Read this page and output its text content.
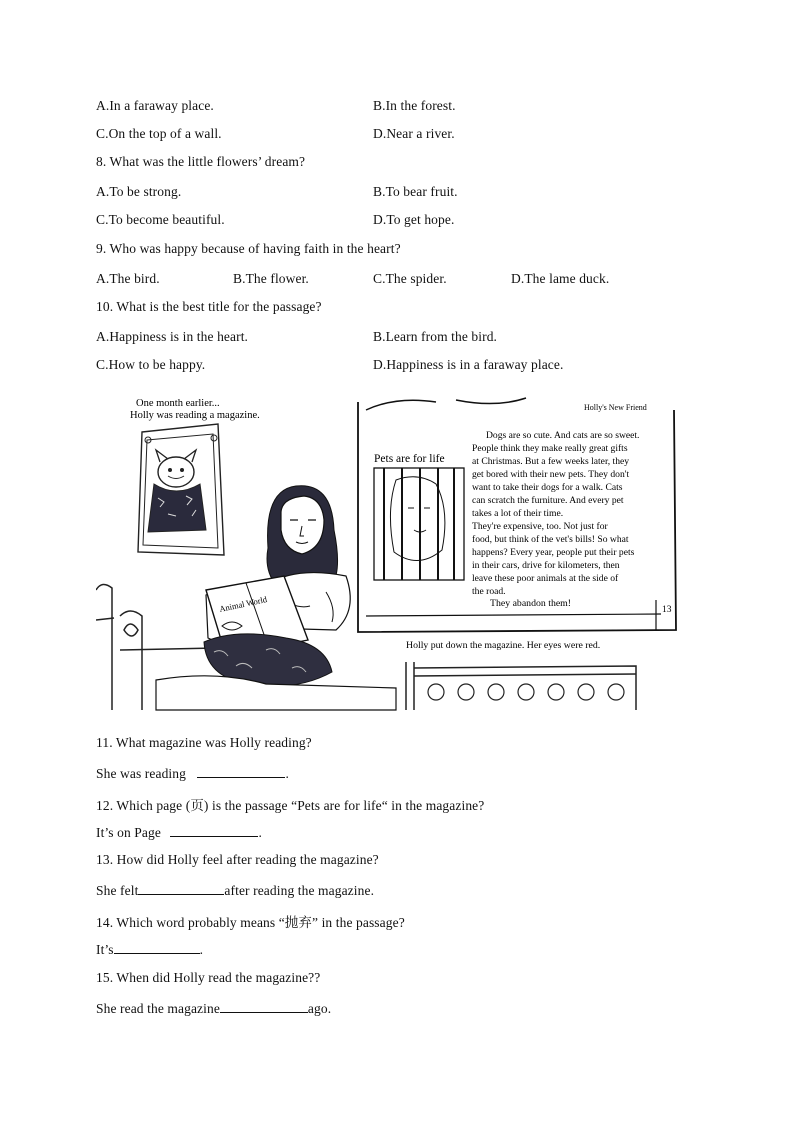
A.In a faraway place.	B.In the forest.
C.On the top of a wall.	D.Near a river.
8. What was the little flowers’ dream?
A.To be strong.	B.To bear fruit.
C.To become beautiful.	D.To get hope.
9. Who was happy because of having faith in the heart?
A.The bird.	B.The flower.	C.The spider.	D.The lame duck.
10. What is the best title for the passage?
A.Happiness is in the heart.	B.Learn from the bird.
C.How to be happy.	D.Happiness is in a faraway place.
One month earlier...
Holly was reading a magazine.
Animal World
Holly's New Friend
Pets are for life
Dogs are so cute. And cats are so sweet.
People think they make really great gifts
at Christmas. But a few weeks later, they
get bored with their new pets. They don't
want to take their dogs for a walk. Cats
can scratch the furniture. And every pet
takes a lot of their time.
They're expensive, too. Not just for
food, but think of the vet's bills! So what
happens? Every year, people put their pets
in their cars, drive for kilometers, then
leave these poor animals at the side of
the road.
They abandon them!
13
Holly put down the magazine. Her eyes were red.
11. What magazine was Holly reading?
She was reading	.
12. Which page (页) is the passage “Pets are for life“ in the magazine?
It’s on Page	.
13. How did Holly feel after reading the magazine?
She felt	after reading the magazine.
14. Which word probably means “抛弃” in the passage?
It’s	.
15. When did Holly read the magazine??
She read the magazine	ago.
